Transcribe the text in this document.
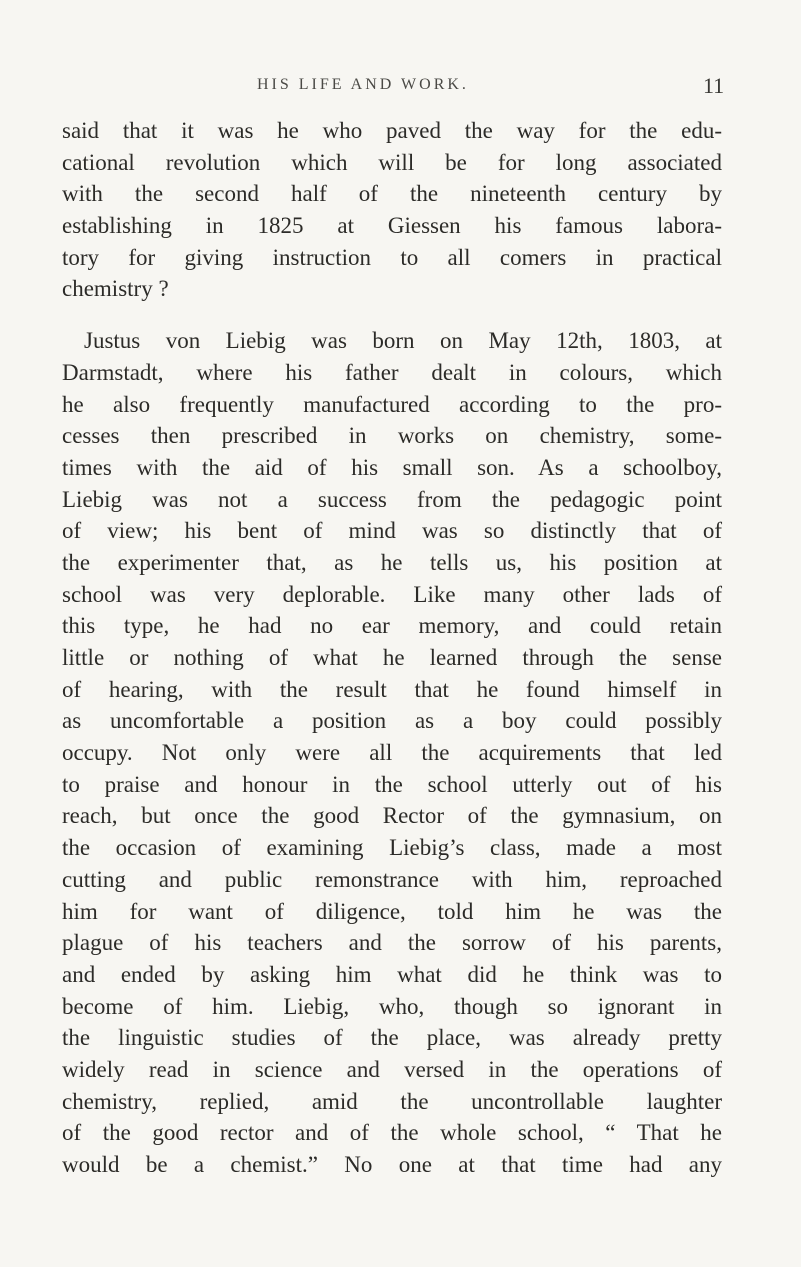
HIS LIFE AND WORK.	11
said that it was he who paved the way for the edu-
cational revolution which will be for long associated
with the second half of the nineteenth century by
establishing in 1825 at Giessen his famous labora-
tory for giving instruction to all comers in practical
chemistry ?
Justus von Liebig was born on May 12th, 1803, at
Darmstadt, where his father dealt in colours, which
he also frequently manufactured according to the pro-
cesses then prescribed in works on chemistry, some-
times with the aid of his small son. As a schoolboy,
Liebig was not a success from the pedagogic point
of view; his bent of mind was so distinctly that of
the experimenter that, as he tells us, his position at
school was very deplorable. Like many other lads of
this type, he had no ear memory, and could retain
little or nothing of what he learned through the sense
of hearing, with the result that he found himself in
as uncomfortable a position as a boy could possibly
occupy. Not only were all the acquirements that led
to praise and honour in the school utterly out of his
reach, but once the good Rector of the gymnasium, on
the occasion of examining Liebig’s class, made a most
cutting and public remonstrance with him, reproached
him for want of diligence, told him he was the
plague of his teachers and the sorrow of his parents,
and ended by asking him what did he think was to
become of him. Liebig, who, though so ignorant in
the linguistic studies of the place, was already pretty
widely read in science and versed in the operations of
chemistry, replied, amid the uncontrollable laughter
of the good rector and of the whole school, “ That he
would be a chemist.” No one at that time had any
